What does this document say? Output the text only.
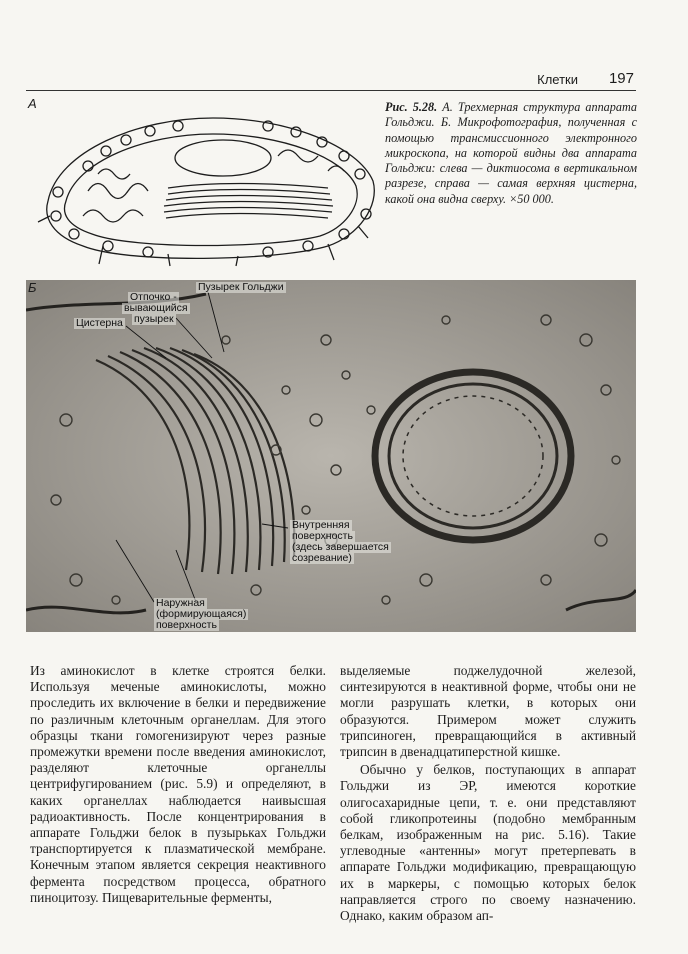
Клетки 197
А	Рис. 5.28. А. Трехмерная структура аппарата Гольджи. Б. Микрофотография, полученная с помощью трансмиссионного электронного микроскопа, на которой видны два аппарата Гольджи: слева — диктиосома в вертикальном разрезе, справа — самая верхняя цистерна, какой она видна сверху. ×50 000.
Пузырек Гольджи
Отпочко -
вывающийся
пузырек
Цистерна
Внутренняя
поверхность
(здесь завершается
созревание)
Наружная
(формирующаяся)
поверхность
Б

Из аминокислот в клетке строятся белки. Используя меченые аминокислоты, можно проследить их включение в белки и передвижение по различным клеточным органеллам. Для этого образцы ткани гомогенизируют через разные промежутки времени после введения аминокислот, разделяют клеточные органеллы центрифугированием (рис. 5.9) и определяют, в каких органеллах наблюдается наивысшая радиоактивность. После концентрирования в аппарате Гольджи белок в пузырьках Гольджи транспортируется к плазматической мембране. Конечным этапом является секреция неактивного фермента посредством процесса, обратного пиноцитозу. Пищеварительные ферменты,

выделяемые поджелудочной железой, синтезируются в неактивной форме, чтобы они не могли разрушать клетки, в которых они образуются. Примером может служить трипсиноген, превращающийся в активный трипсин в двенадцатиперстной кишке.

Обычно у белков, поступающих в аппарат Гольджи из ЭР, имеются короткие олигосахаридные цепи, т. е. они представляют собой гликопротеины (подобно мембранным белкам, изображенным на рис. 5.16). Такие углеводные «антенны» могут претерпевать в аппарате Гольджи модификацию, превращающую их в маркеры, с помощью которых белок направляется строго по своему назначению. Однако, каким образом ап-
